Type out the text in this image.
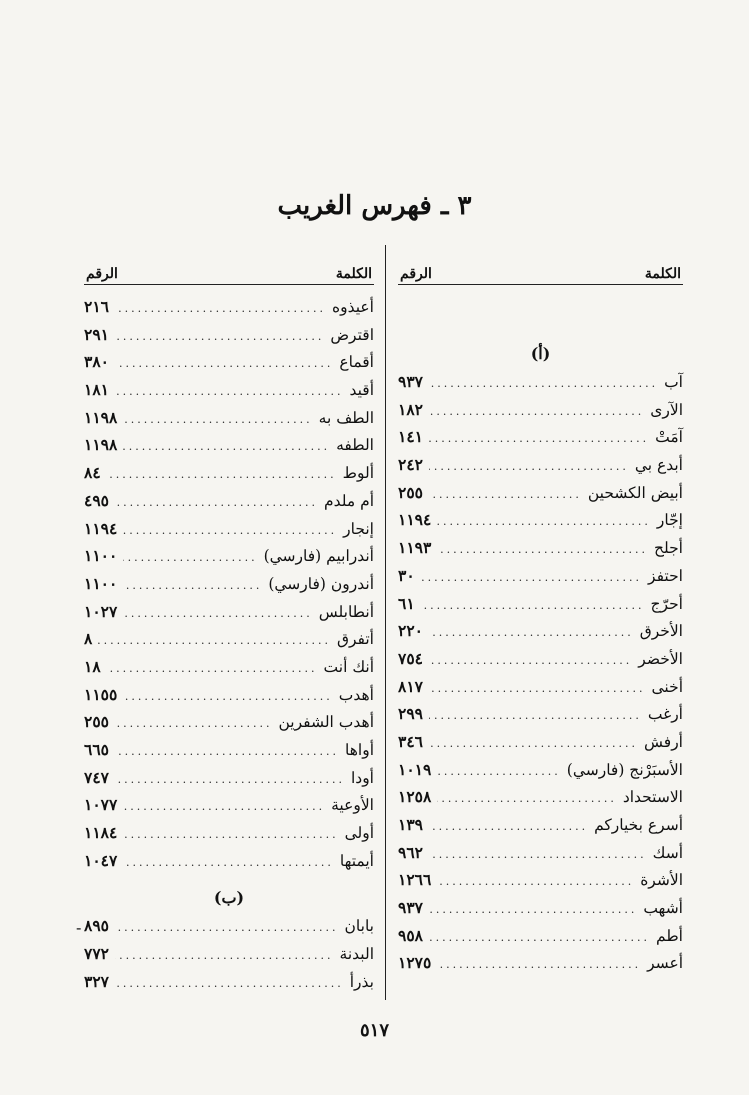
٣ ـ فهرس الغريب
الكلمة
الرقم
(أ)
آب
.....
٩٣٧
الآرى
.....
١٨٢
آمَتْ
.....
١٤١
أبدع بي
.....
٢٤٢
أبيض الكشحين
.....
٢٥٥
إجّار
.....
١١٩٤
أجلح
.....
١١٩٣
احتفز
.....
٣٠
أحرّج
.....
٦١
الأخرق
.....
٢٢٠
الأخضر
.....
٧٥٤
أخنى
.....
٨١٧
أرغب
.....
٢٩٩
أرفش
.....
٣٤٦
الأسبَرْنج (فارسي)
.....
١٠١٩
الاستحداد
.....
١٢٥٨
أسرع بخياركم
.....
١٣٩
أسك
.....
٩٦٢
الأشرة
.....
١٢٦٦
أشهب
.....
٩٣٧
أطم
.....
٩٥٨
أعسر
.....
١٢٧٥
الكلمة
الرقم
أعيذوه
.....
٢١٦
اقترض
.....
٢٩١
أقماع
.....
٣٨٠
أقيد
.....
١٨١
الطف به
.....
١١٩٨
الطفه
.....
١١٩٨
ألوط
.....
٨٤
أم ملدم
.....
٤٩٥
إنجار
.....
١١٩٤
أندرابيم (فارسي)
.....
١١٠٠
أندرون (فارسي)
.....
١١٠٠
أنطابلس
.....
١٠٢٧
أتفرق
.....
٨
أنك أنت
.....
١٨
أهدب
.....
١١٥٥
أهدب الشفرين
.....
٢٥٥
أواها
.....
٦٦٥
أودا
.....
٧٤٧
الأوعية
.....
١٠٧٧
أولى
.....
١١٨٤
أيمتها
.....
١٠٤٧
(ب)
بابان
.....
٨٩٥
البدنة
.....
٧٧٢
بذرأ
.....
٣٢٧
-
٥١٧
